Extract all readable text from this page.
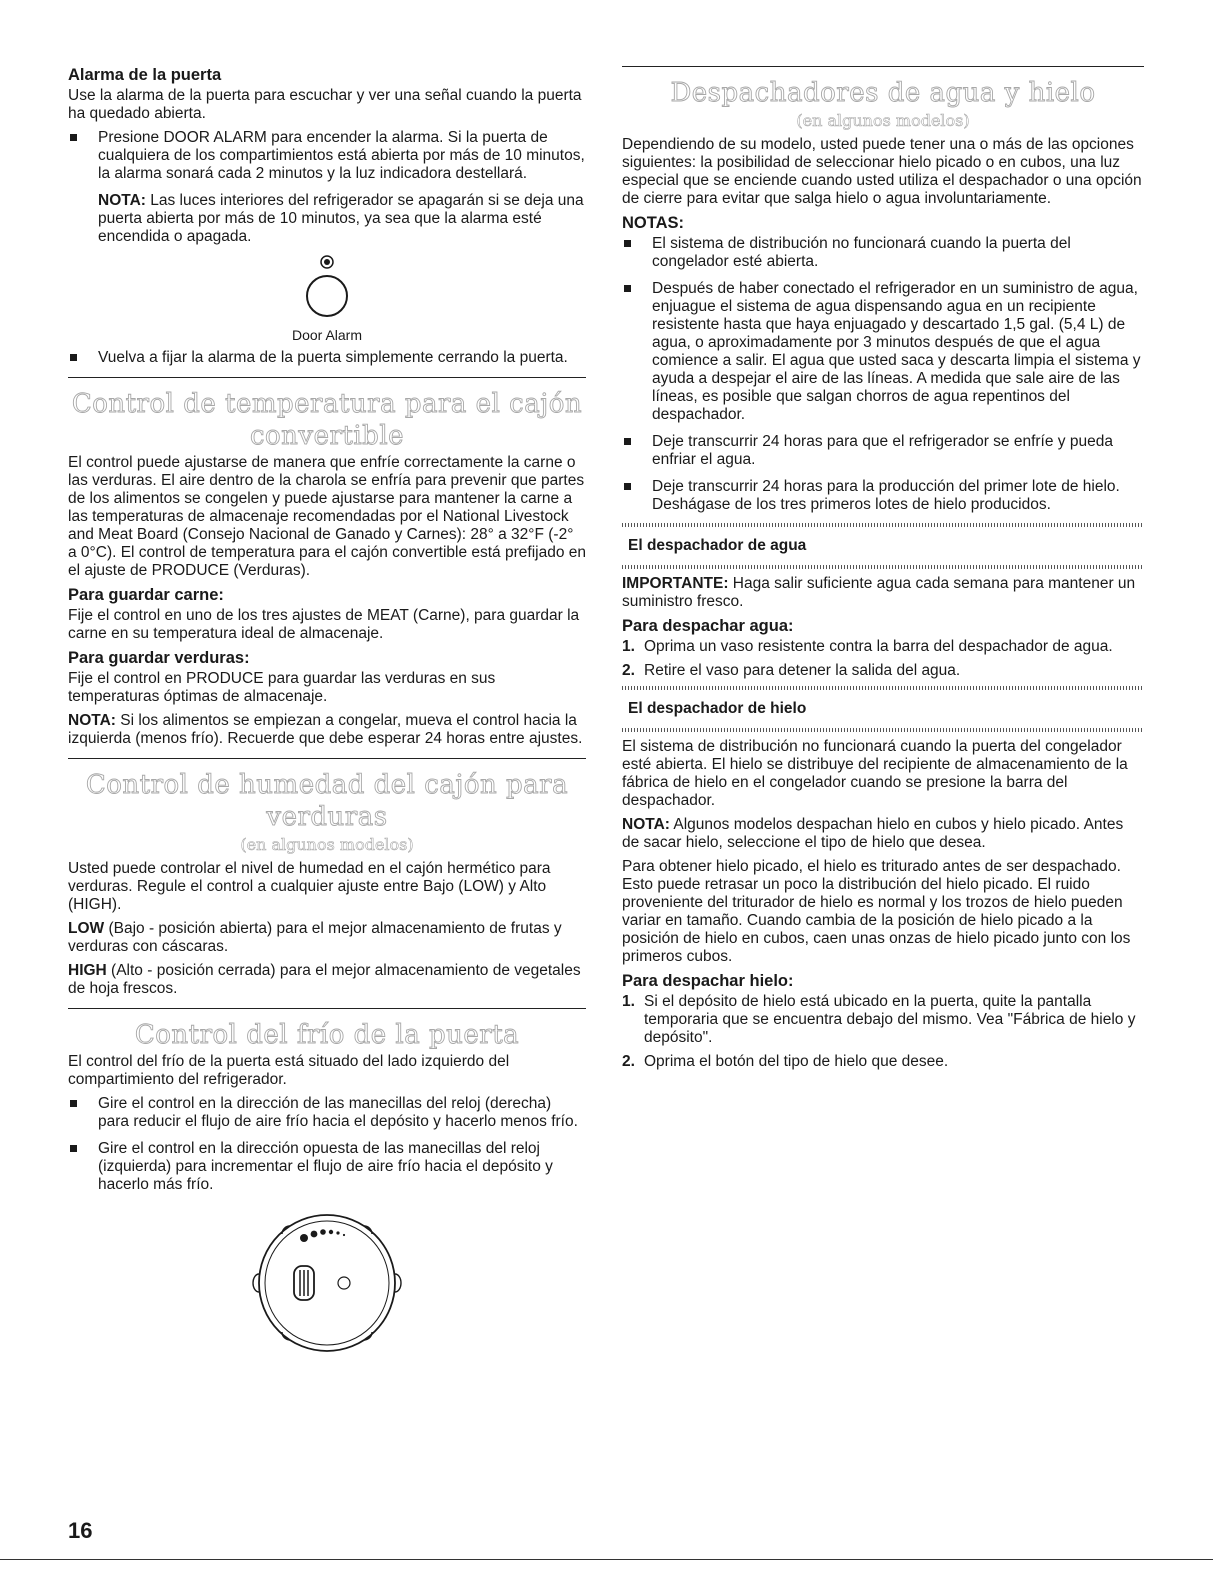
Alarma de la puerta

Use la alarma de la puerta para escuchar y ver una señal cuando la puerta ha quedado abierta.

Presione DOOR ALARM para encender la alarma. Si la puerta de cualquiera de los compartimientos está abierta por más de 10 minutos, la alarma sonará cada 2 minutos y la luz indicadora destellará.

NOTA: Las luces interiores del refrigerador se apagarán si se deja una puerta abierta por más de 10 minutos, ya sea que la alarma esté encendida o apagada.

Door Alarm
Vuelva a fijar la alarma de la puerta simplemente cerrando la puerta.
Control de temperatura para el cajón convertible

El control puede ajustarse de manera que enfríe correctamente la carne o las verduras. El aire dentro de la charola se enfría para prevenir que partes de los alimentos se congelen y puede ajustarse para mantener la carne a las temperaturas de almacenaje recomendadas por el National Livestock and Meat Board (Consejo Nacional de Ganado y Carnes): 28° a 32°F (-2° a 0°C). El control de temperatura para el cajón convertible está prefijado en el ajuste de PRODUCE (Verduras).

Para guardar carne:

Fije el control en uno de los tres ajustes de MEAT (Carne), para guardar la carne en su temperatura ideal de almacenaje.

Para guardar verduras:

Fije el control en PRODUCE para guardar las verduras en sus temperaturas óptimas de almacenaje.

NOTA: Si los alimentos se empiezan a congelar, mueva el control hacia la izquierda (menos frío). Recuerde que debe esperar 24 horas entre ajustes.

Control de humedad del cajón para verduras
(en algunos modelos)

Usted puede controlar el nivel de humedad en el cajón hermético para verduras. Regule el control a cualquier ajuste entre Bajo (LOW) y Alto (HIGH).

LOW (Bajo - posición abierta) para el mejor almacenamiento de frutas y verduras con cáscaras.

HIGH (Alto - posición cerrada) para el mejor almacenamiento de vegetales de hoja frescos.

Control del frío de la puerta

El control del frío de la puerta está situado del lado izquierdo del compartimiento del refrigerador.

Gire el control en la dirección de las manecillas del reloj (derecha) para reducir el flujo de aire frío hacia el depósito y hacerlo menos frío.
Gire el control en la dirección opuesta de las manecillas del reloj (izquierda) para incrementar el flujo de aire frío hacia el depósito y hacerlo más frío.
Despachadores de agua y hielo
(en algunos modelos)

Dependiendo de su modelo, usted puede tener una o más de las opciones siguientes: la posibilidad de seleccionar hielo picado o en cubos, una luz especial que se enciende cuando usted utiliza el despachador o una opción de cierre para evitar que salga hielo o agua involuntariamente.

NOTAS:
El sistema de distribución no funcionará cuando la puerta del congelador esté abierta.
Después de haber conectado el refrigerador en un suministro de agua, enjuague el sistema de agua dispensando agua en un recipiente resistente hasta que haya enjuagado y descartado 1,5 gal. (5,4 L) de agua, o aproximadamente por 3 minutos después de que el agua comience a salir. El agua que usted saca y descarta limpia el sistema y ayuda a despejar el aire de las líneas. A medida que sale aire de las líneas, es posible que salgan chorros de agua repentinos del despachador.
Deje transcurrir 24 horas para que el refrigerador se enfríe y pueda enfriar el agua.
Deje transcurrir 24 horas para la producción del primer lote de hielo. Deshágase de los tres primeros lotes de hielo producidos.
El despachador de agua

IMPORTANTE: Haga salir suficiente agua cada semana para mantener un suministro fresco.

Para despachar agua:
1. Oprima un vaso resistente contra la barra del despachador de agua.
2. Retire el vaso para detener la salida del agua.
El despachador de hielo

El sistema de distribución no funcionará cuando la puerta del congelador esté abierta. El hielo se distribuye del recipiente de almacenamiento de la fábrica de hielo en el congelador cuando se presione la barra del despachador.

NOTA: Algunos modelos despachan hielo en cubos y hielo picado. Antes de sacar hielo, seleccione el tipo de hielo que desea.

Para obtener hielo picado, el hielo es triturado antes de ser despachado. Esto puede retrasar un poco la distribución del hielo picado. El ruido proveniente del triturador de hielo es normal y los trozos de hielo pueden variar en tamaño. Cuando cambia de la posición de hielo picado a la posición de hielo en cubos, caen unas onzas de hielo picado junto con los primeros cubos.

Para despachar hielo:
1. Si el depósito de hielo está ubicado en la puerta, quite la pantalla temporaria que se encuentra debajo del mismo. Vea "Fábrica de hielo y depósito".
2. Oprima el botón del tipo de hielo que desee.
16
